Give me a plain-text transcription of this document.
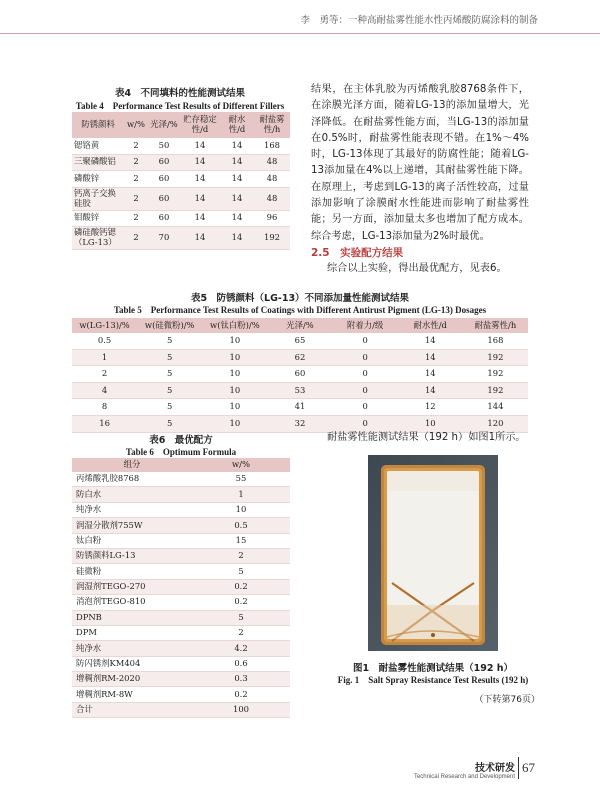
李　勇等：一种高耐盐雾性能水性丙烯酸防腐涂料的制备
表4　不同填料的性能测试结果
Table 4　Performance Test Results of Different Fillers
防锈颜料	w/%	光泽/%	贮存稳定性/d	耐水性/d	耐盐雾性/h
锶铬黄	2	50	14	14	168
三聚磷酸铝	2	60	14	14	48
磷酸锌	2	60	14	14	48
钙离子交换硅胶	2	60	14	14	48
钼酸锌	2	60	14	14	96
磷硅酸钙锶（LG-13）	2	70	14	14	192
结果，在主体乳胶为丙烯酸乳胶8768条件下，在涂膜光泽方面，随着LG-13的添加量增大，光泽降低。在耐盐雾性能方面，当LG-13的添加量在0.5%时，耐盐雾性能表现不错。在1%～4%时，LG-13体现了其最好的防腐性能；随着LG-13添加量在4%以上递增，其耐盐雾性能下降。在原理上，考虑到LG-13的离子活性较高，过量添加影响了涂膜耐水性能进而影响了耐盐雾性能；另一方面，添加量太多也增加了配方成本。综合考虑，LG-13添加量为2%时最优。
2.5　实验配方结果
综合以上实验，得出最优配方，见表6。
表5　防锈颜料（LG-13）不同添加量性能测试结果
Table 5　Performance Test Results of Coatings with Different Antirust Pigment (LG-13) Dosages
w(LG-13)/%	w(硅微粉)/%	w(钛白粉)/%	光泽/%	附着力/级	耐水性/d	耐盐雾性/h
0.5	5	10	65	0	14	168
1	5	10	62	0	14	192
2	5	10	60	0	14	192
4	5	10	53	0	14	192
8	5	10	41	0	12	144
16	5	10	32	0	10	120
表6　最优配方
Table 6　Optimum Formula
组分	w/%
丙烯酸乳胶8768	55
防白水	1
纯净水	10
润湿分散剂755W	0.5
钛白粉	15
防锈颜料LG-13	2
硅微粉	5
润湿剂TEGO-270	0.2
消泡剂TEGO-810	0.2
DPNB	5
DPM	2
纯净水	4.2
防闪锈剂KM404	0.6
增稠剂RM-2020	0.3
增稠剂RM-8W	0.2
合计	100
耐盐雾性能测试结果（192 h）如图1所示。
图1　耐盐雾性能测试结果（192 h）
Fig. 1　Salt Spray Resistance Test Results (192 h)
（下转第76页）
技术研发
Technical Research and Development
67
